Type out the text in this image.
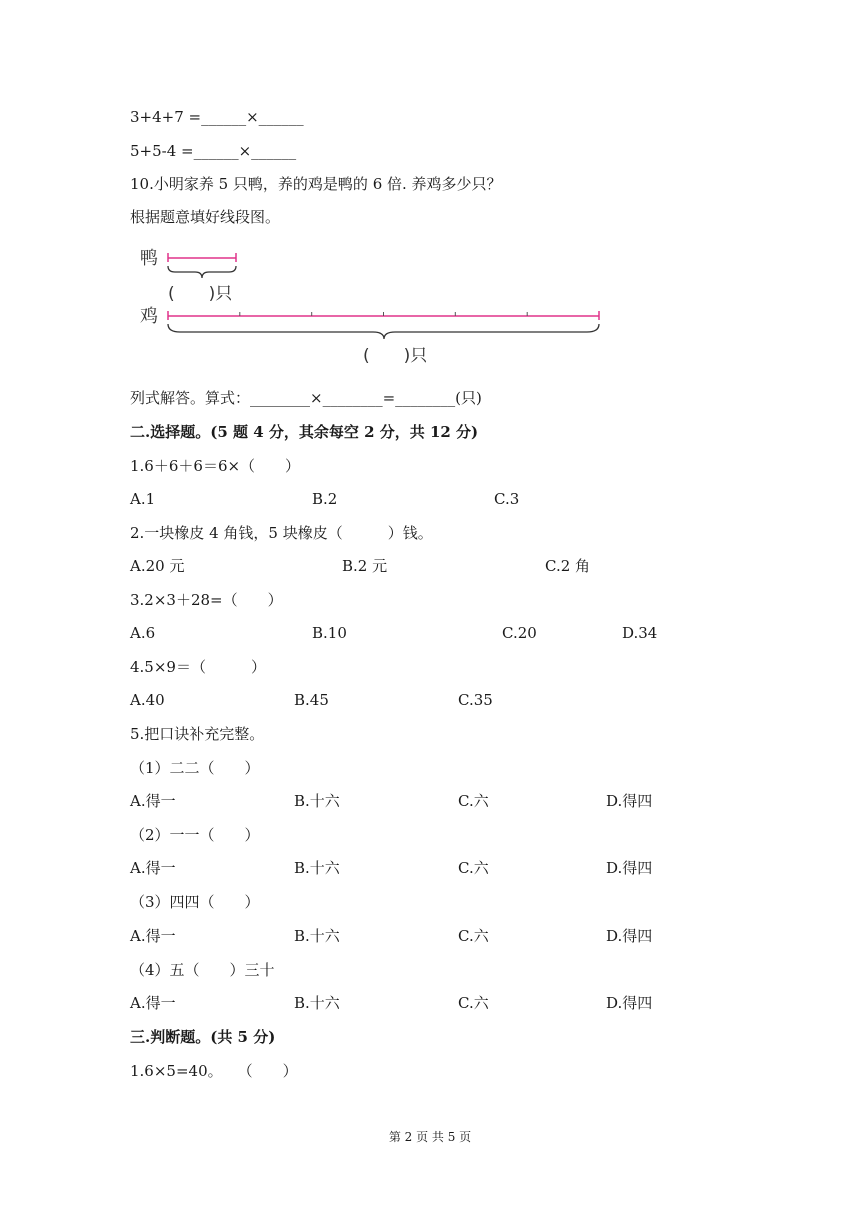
3+4+7 =______×______
5+5-4 =______×______
10.小明家养 5 只鸭，养的鸡是鸭的 6 倍. 养鸡多少只？
根据题意填好线段图。
鸭
(　　)只
鸡
(　　)只
列式解答。算式：________×________=________(只)
二.选择题。(5 题 4 分，其余每空 2 分，共 12 分)
1.6＋6＋6＝6×（　　）
A.1	B.2	C.3
2.一块橡皮 4 角钱，5 块橡皮（　　　）钱。
A.20 元	B.2 元	C.2 角
3.2×3＋28=（　　）
A.6	B.10	C.20	D.34
4.5×9＝（　　　）
A.40	B.45	C.35
5.把口诀补充完整。
（1）二二（　　）
A.得一	B.十六	C.六	D.得四
（2）一一（　　）
A.得一	B.十六	C.六	D.得四
（3）四四（　　）
A.得一	B.十六	C.六	D.得四
（4）五（　　）三十
A.得一	B.十六	C.六	D.得四
三.判断题。(共 5 分)
1.6×5=40。　　（　　）
第 2 页 共 5 页
